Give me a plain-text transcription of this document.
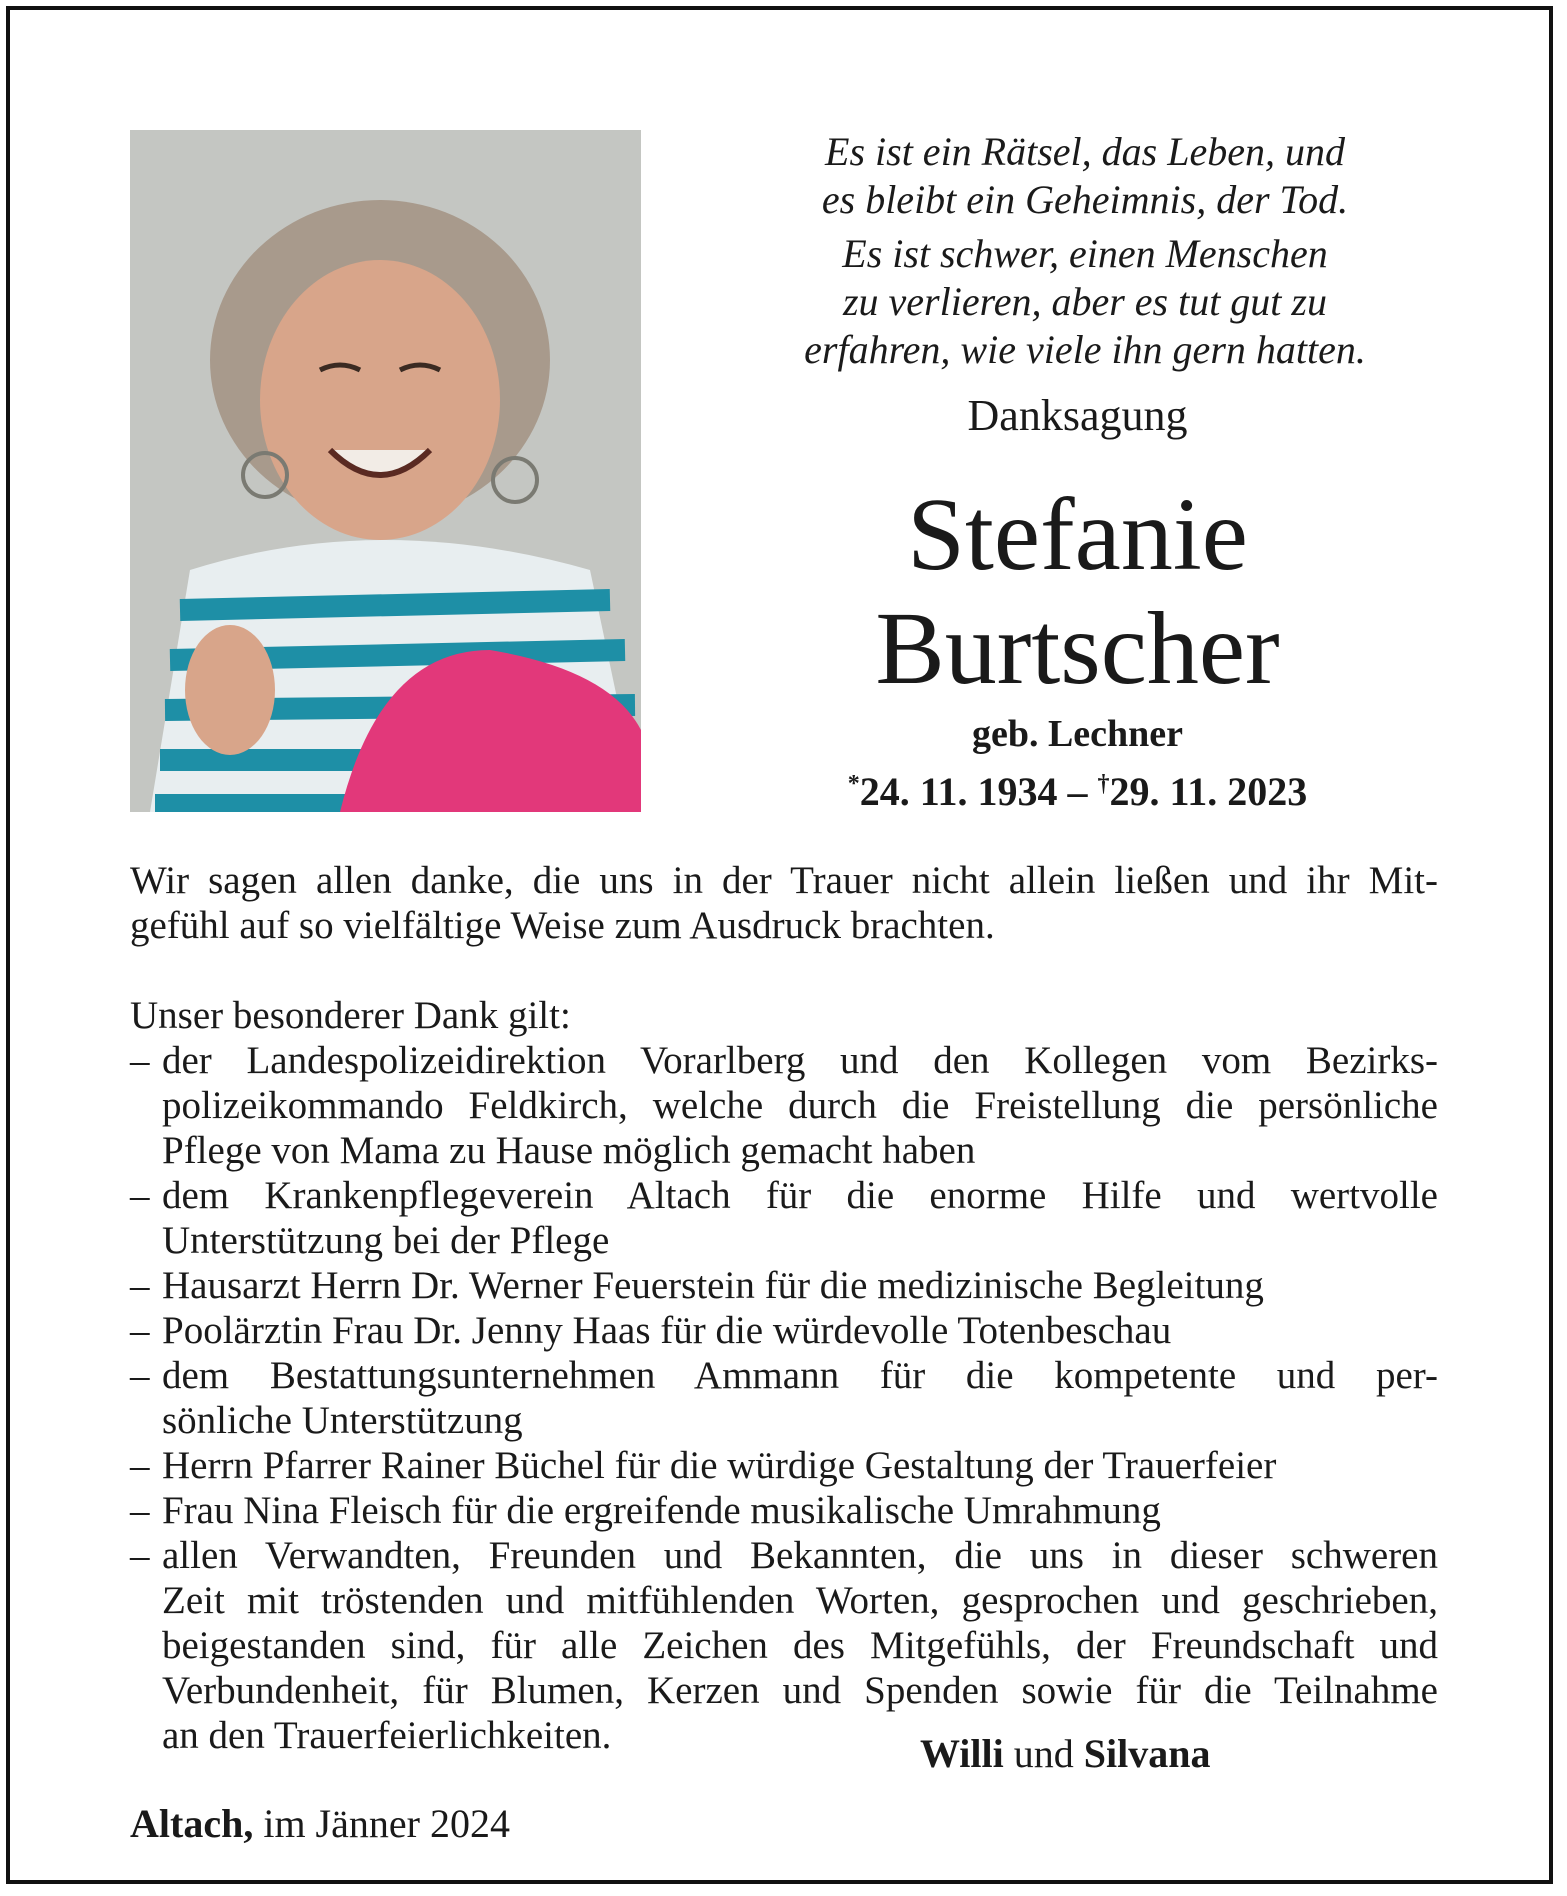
Es ist ein Rätsel, das Leben, und
es bleibt ein Geheimnis, der Tod.

Es ist schwer, einen Menschen
zu verlieren, aber es tut gut zu
erfahren, wie viele ihn gern hatten.

Danksagung
Stefanie
Burtscher
geb. Lechner
*24. 11. 1934 – †29. 11. 2023

Wir sagen allen danke, die uns in der Trauer nicht allein ließen und ihr Mit-
gefühl auf so vielfältige Weise zum Ausdruck brachten.

Unser besonderer Dank gilt:

– der Landespolizeidirektion Vorarlberg und den Kollegen vom Bezirks-
polizeikommando Feldkirch, welche durch die Freistellung die persönliche
Pflege von Mama zu Hause möglich gemacht haben
– dem Krankenpflegeverein Altach für die enorme Hilfe und wertvolle
Unterstützung bei der Pflege
– Hausarzt Herrn Dr. Werner Feuerstein für die medizinische Begleitung
– Poolärztin Frau Dr. Jenny Haas für die würdevolle Totenbeschau
– dem Bestattungsunternehmen Ammann für die kompetente und per-
sönliche Unterstützung
– Herrn Pfarrer Rainer Büchel für die würdige Gestaltung der Trauerfeier
– Frau Nina Fleisch für die ergreifende musikalische Umrahmung
– allen Verwandten, Freunden und Bekannten, die uns in dieser schweren
Zeit mit tröstenden und mitfühlenden Worten, gesprochen und geschrieben,
beigestanden sind, für alle Zeichen des Mitgefühls, der Freundschaft und
Verbundenheit, für Blumen, Kerzen und Spenden sowie für die Teilnahme
an den Trauerfeierlichkeiten.	Willi und Silvana
Altach, im Jänner 2024
